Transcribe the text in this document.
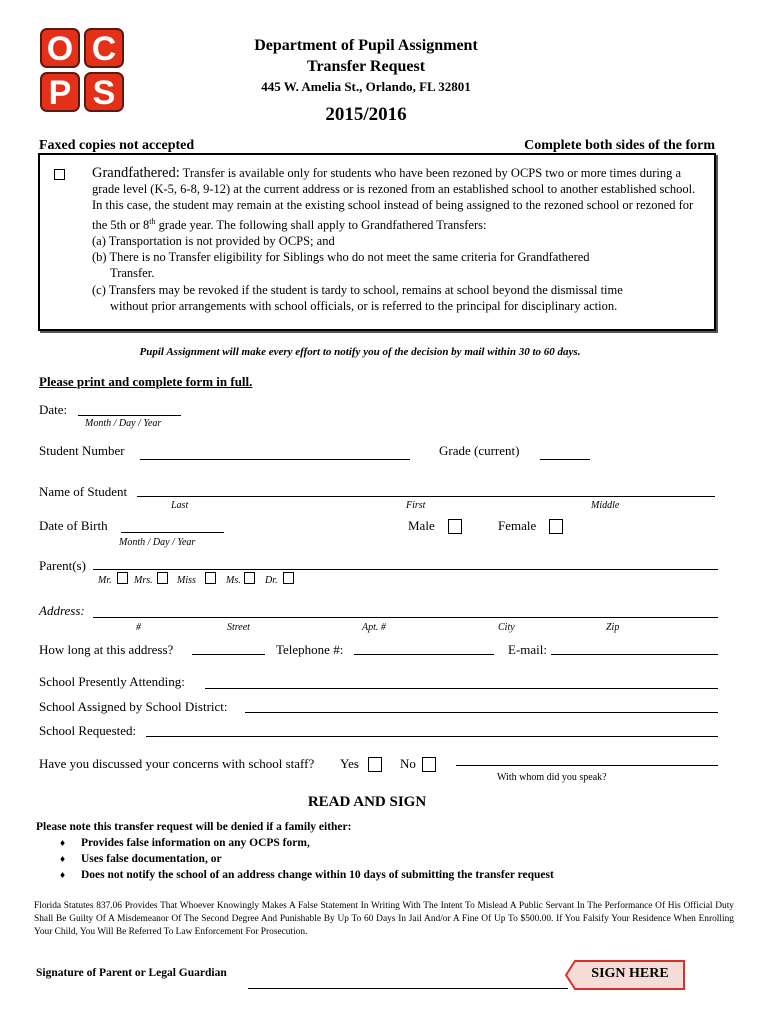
O C
P S
Department of Pupil Assignment
Transfer Request
445 W. Amelia St., Orlando, FL 32801
2015/2016
Faxed copies not accepted	Complete both sides of the form
Grandfathered: Transfer is available only for students who have been rezoned by OCPS two or more times during a grade level (K-5, 6-8, 9-12) at the current address or is rezoned from an established school to another established school. In this case, the student may remain at the existing school instead of being assigned to the rezoned school or rezoned for the 5th or 8th grade year. The following shall apply to Grandfathered Transfers:
(a) Transportation is not provided by OCPS; and
(b) There is no Transfer eligibility for Siblings who do not meet the same criteria for Grandfathered
Transfer.
(c) Transfers may be revoked if the student is tardy to school, remains at school beyond the dismissal time
without prior arrangements with school officials, or is referred to the principal for disciplinary action.
Pupil Assignment will make every effort to notify you of the decision by mail within 30 to 60 days.
Please print and complete form in full.
Date:
Month / Day / Year
Student Number	Grade (current)
Name of Student
Last	First	Middle
Date of Birth
Month / Day / Year
Male	Female
Parent(s)
Mr. Mrs. Miss	Ms. Dr.
Address:
#	Street	Apt. #	City	Zip
How long at this address?	Telephone #:	E-mail:
School Presently Attending:
School Assigned by School District:
School Requested:
Have you discussed your concerns with school staff? Yes	No
With whom did you speak?
READ AND SIGN
Please note this transfer request will be denied if a family either:
♦ Provides false information on any OCPS form,
♦ Uses false documentation, or
♦ Does not notify the school of an address change within 10 days of submitting the transfer request
Florida Statutes 837.06 Provides That Whoever Knowingly Makes A False Statement In Writing With The Intent To Mislead A Public Servant In The Performance Of His Official Duty Shall Be Guilty Of A Misdemeanor Of The Second Degree And Punishable By Up To 60 Days In Jail And/or A Fine Of Up To $500.00. If You Falsify Your Residence When Enrolling Your Child, You Will Be Referred To Law Enforcement For Prosecution.
Signature of Parent or Legal Guardian	SIGN HERE
